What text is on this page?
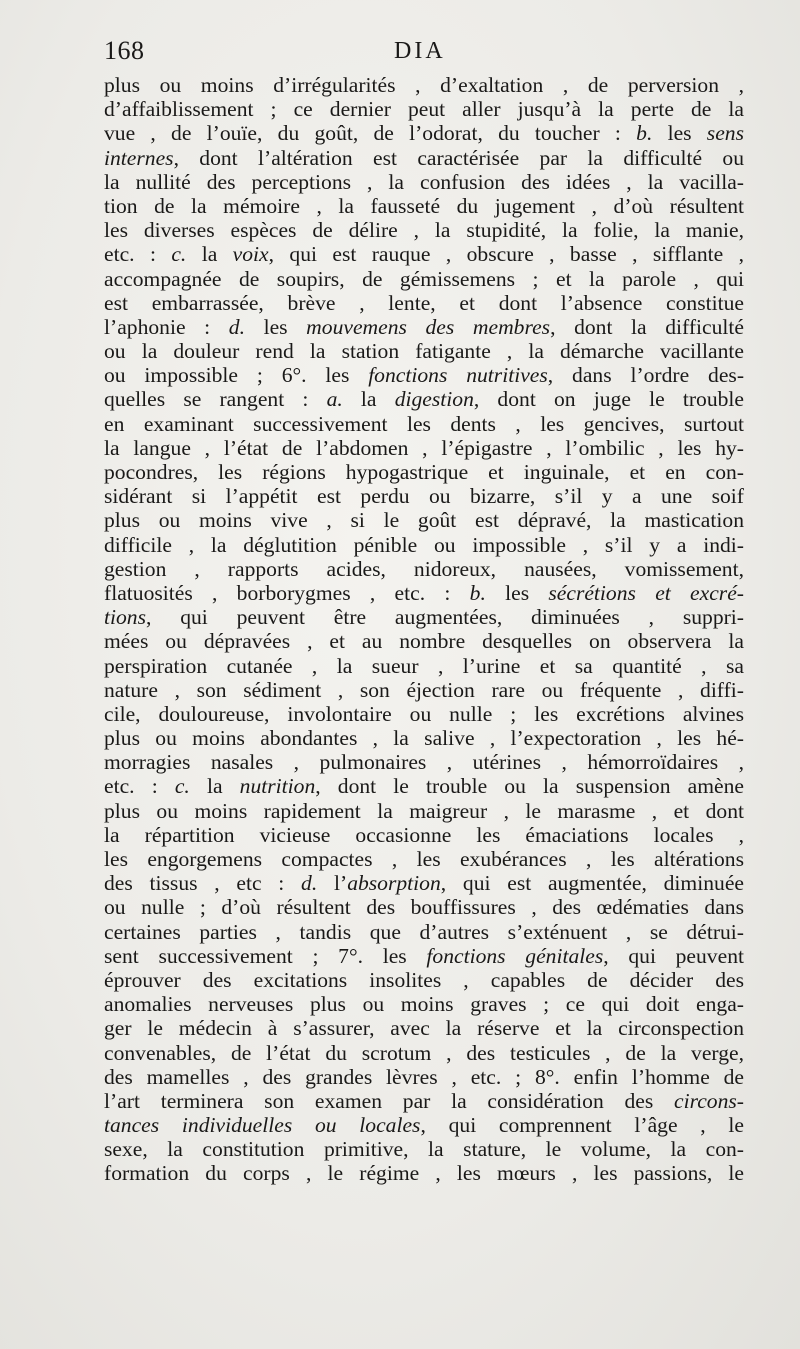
168	DIA
plus ou moins d’irrégularités , d’exaltation , de perversion ,
d’affaiblissement ; ce dernier peut aller jusqu’à la perte de la
vue , de l’ouïe, du goût, de l’odorat, du toucher : b. les sens
internes, dont l’altération est caractérisée par la difficulté ou
la nullité des perceptions , la confusion des idées , la vacilla-
tion de la mémoire , la fausseté du jugement , d’où résultent
les diverses espèces de délire , la stupidité, la folie, la manie,
etc. : c. la voix, qui est rauque , obscure , basse , sifflante ,
accompagnée de soupirs, de gémissemens ; et la parole , qui
est embarrassée, brève , lente, et dont l’absence constitue
l’aphonie : d. les mouvemens des membres, dont la difficulté
ou la douleur rend la station fatigante , la démarche vacillante
ou impossible ; 6°. les fonctions nutritives, dans l’ordre des-
quelles se rangent : a. la digestion, dont on juge le trouble
en examinant successivement les dents , les gencives, surtout
la langue , l’état de l’abdomen , l’épigastre , l’ombilic , les hy-
pocondres, les régions hypogastrique et inguinale, et en con-
sidérant si l’appétit est perdu ou bizarre, s’il y a une soif
plus ou moins vive , si le goût est dépravé, la mastication
difficile , la déglutition pénible ou impossible , s’il y a indi-
gestion , rapports acides, nidoreux, nausées, vomissement,
flatuosités , borborygmes , etc. : b. les sécrétions et excré-
tions, qui peuvent être augmentées, diminuées , suppri-
mées ou dépravées , et au nombre desquelles on observera la
perspiration cutanée , la sueur , l’urine et sa quantité , sa
nature , son sédiment , son éjection rare ou fréquente , diffi-
cile, douloureuse, involontaire ou nulle ; les excrétions alvines
plus ou moins abondantes , la salive , l’expectoration , les hé-
morragies nasales , pulmonaires , utérines , hémorroïdaires ,
etc. : c. la nutrition, dont le trouble ou la suspension amène
plus ou moins rapidement la maigreur , le marasme , et dont
la répartition vicieuse occasionne les émaciations locales ,
les engorgemens compactes , les exubérances , les altérations
des tissus , etc : d. l’absorption, qui est augmentée, diminuée
ou nulle ; d’où résultent des bouffissures , des œdématies dans
certaines parties , tandis que d’autres s’exténuent , se détrui-
sent successivement ; 7°. les fonctions génitales, qui peuvent
éprouver des excitations insolites , capables de décider des
anomalies nerveuses plus ou moins graves ; ce qui doit enga-
ger le médecin à s’assurer, avec la réserve et la circonspection
convenables, de l’état du scrotum , des testicules , de la verge,
des mamelles , des grandes lèvres , etc. ; 8°. enfin l’homme de
l’art terminera son examen par la considération des circons-
tances individuelles ou locales, qui comprennent l’âge , le
sexe, la constitution primitive, la stature, le volume, la con-
formation du corps , le régime , les mœurs , les passions, le
